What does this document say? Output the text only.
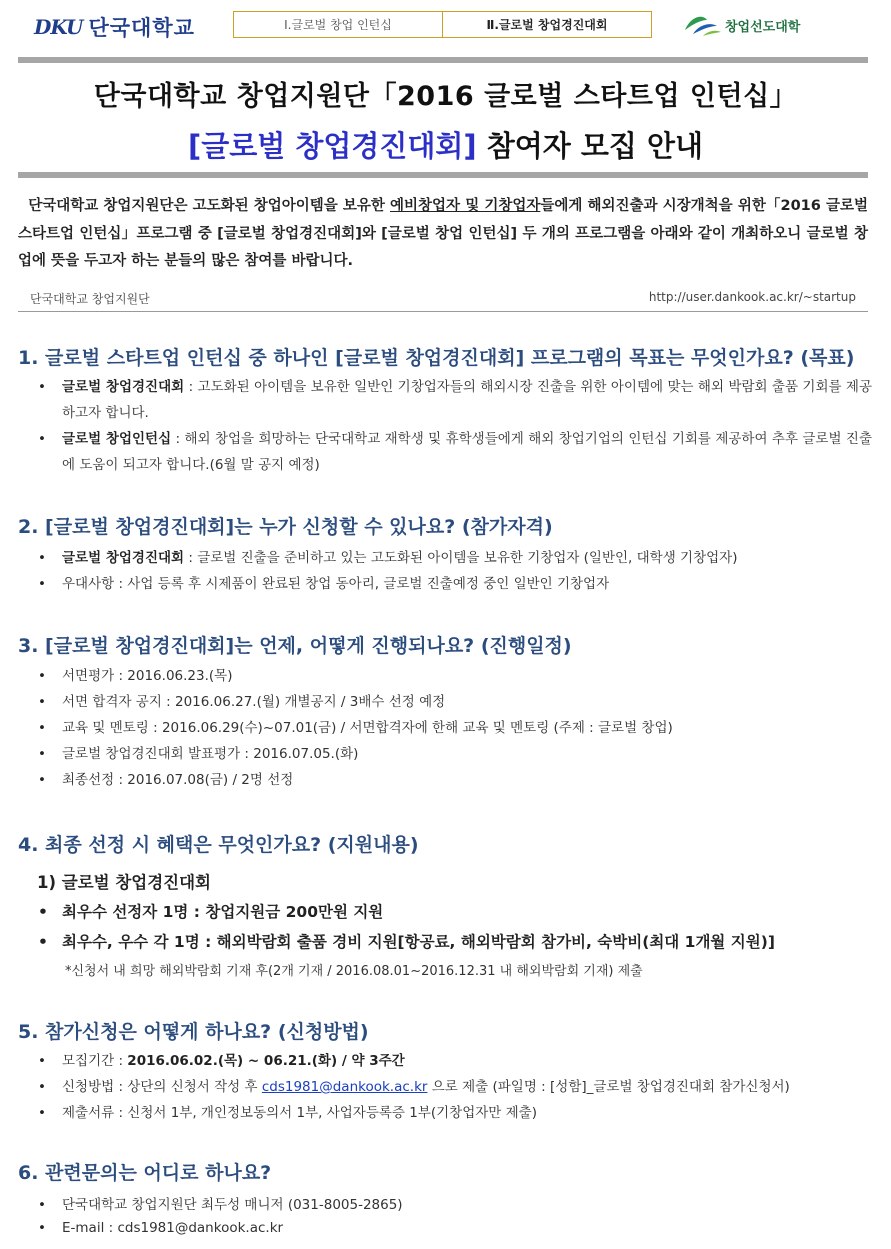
DKU 단국대학교	Ⅰ.글로벌 창업 인턴십	Ⅱ.글로벌 창업경진대회	창업선도대학
단국대학교 창업지원단「2016 글로벌 스타트업 인턴십」
[글로벌 창업경진대회] 참여자 모집 안내
단국대학교 창업지원단은 고도화된 창업아이템을 보유한 예비창업자 및 기창업자들에게 해외진출과 시장개척을 위한「2016 글로벌 스타트업 인턴십」프로그램 중 [글로벌 창업경진대회]와 [글로벌 창업 인턴십] 두 개의 프로그램을 아래와 같이 개최하오니 글로벌 창업에 뜻을 두고자 하는 분들의 많은 참여를 바랍니다.
단국대학교 창업지원단	http://user.dankook.ac.kr/~startup
1. 글로벌 스타트업 인턴십 중 하나인 [글로벌 창업경진대회] 프로그램의 목표는 무엇인가요? (목표)
• 글로벌 창업경진대회 : 고도화된 아이템을 보유한 일반인 기창업자들의 해외시장 진출을 위한 아이템에 맞는 해외 박람회 출품 기회를 제공하고자 합니다.
• 글로벌 창업인턴십 : 해외 창업을 희망하는 단국대학교 재학생 및 휴학생들에게 해외 창업기업의 인턴십 기회를 제공하여 추후 글로벌 진출에 도움이 되고자 합니다.(6월 말 공지 예정)
2. [글로벌 창업경진대회]는 누가 신청할 수 있나요? (참가자격)
• 글로벌 창업경진대회 : 글로벌 진출을 준비하고 있는 고도화된 아이템을 보유한 기창업자 (일반인, 대학생 기창업자)
• 우대사항 : 사업 등록 후 시제품이 완료된 창업 동아리, 글로벌 진출예정 중인 일반인 기창업자
3. [글로벌 창업경진대회]는 언제, 어떻게 진행되나요? (진행일정)
• 서면평가 : 2016.06.23.(목)
• 서면 합격자 공지 : 2016.06.27.(월) 개별공지 / 3배수 선정 예정
• 교육 및 멘토링 : 2016.06.29(수)~07.01(금) / 서면합격자에 한해 교육 및 멘토링 (주제 : 글로벌 창업)
• 글로벌 창업경진대회 발표평가 : 2016.07.05.(화)
• 최종선정 : 2016.07.08(금) / 2명 선정
4. 최종 선정 시 혜택은 무엇인가요? (지원내용)
1) 글로벌 창업경진대회
• 최우수 선정자 1명 : 창업지원금 200만원 지원
• 최우수, 우수 각 1명 : 해외박람회 출품 경비 지원[항공료, 해외박람회 참가비, 숙박비(최대 1개월 지원)]
*신청서 내 희망 해외박람회 기재 후(2개 기재 / 2016.08.01~2016.12.31 내 해외박람회 기재) 제출
5. 참가신청은 어떻게 하나요? (신청방법)
• 모집기간 : 2016.06.02.(목) ~ 06.21.(화) / 약 3주간
• 신청방법 : 상단의 신청서 작성 후 cds1981@dankook.ac.kr 으로 제출 (파일명 : [성함]_글로벌 창업경진대회 참가신청서)
• 제출서류 : 신청서 1부, 개인정보동의서 1부, 사업자등록증 1부(기창업자만 제출)
6. 관련문의는 어디로 하나요?
• 단국대학교 창업지원단 최두성 매니저 (031-8005-2865)
• E-mail : cds1981@dankook.ac.kr
